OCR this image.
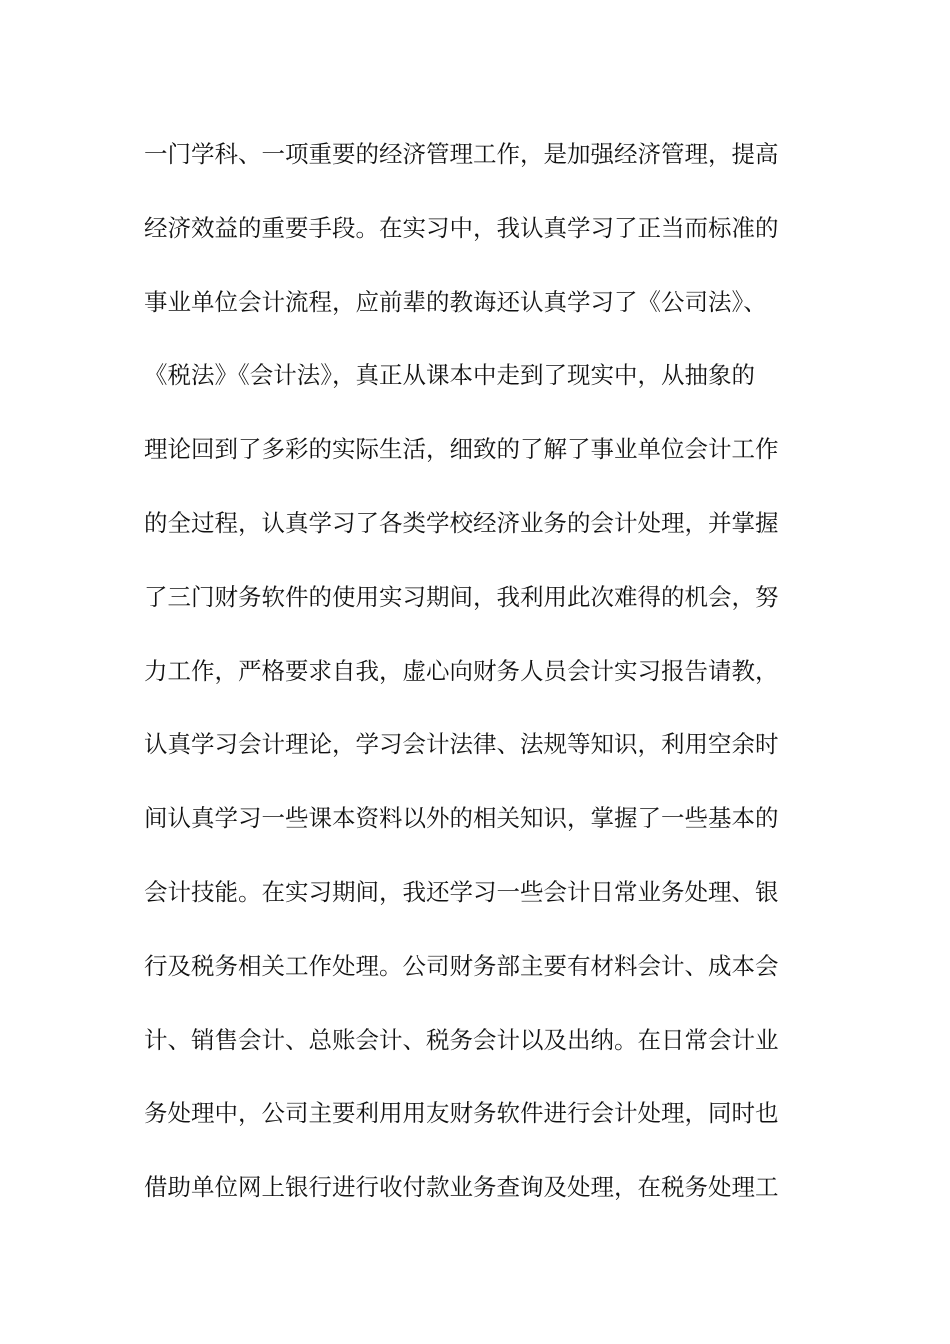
一门学科、一项重要的经济管理工作，是加强经济管理，提高
经济效益的重要手段。在实习中，我认真学习了正当而标准的
事业单位会计流程，应前辈的教诲还认真学习了《公司法》、
《税法》《会计法》，真正从课本中走到了现实中，从抽象的
理论回到了多彩的实际生活，细致的了解了事业单位会计工作
的全过程，认真学习了各类学校经济业务的会计处理，并掌握
了三门财务软件的使用实习期间，我利用此次难得的机会，努
力工作，严格要求自我，虚心向财务人员会计实习报告请教，
认真学习会计理论，学习会计法律、法规等知识，利用空余时
间认真学习一些课本资料以外的相关知识，掌握了一些基本的
会计技能。在实习期间，我还学习一些会计日常业务处理、银
行及税务相关工作处理。公司财务部主要有材料会计、成本会
计、销售会计、总账会计、税务会计以及出纳。在日常会计业
务处理中，公司主要利用用友财务软件进行会计处理，同时也
借助单位网上银行进行收付款业务查询及处理，在税务处理工
